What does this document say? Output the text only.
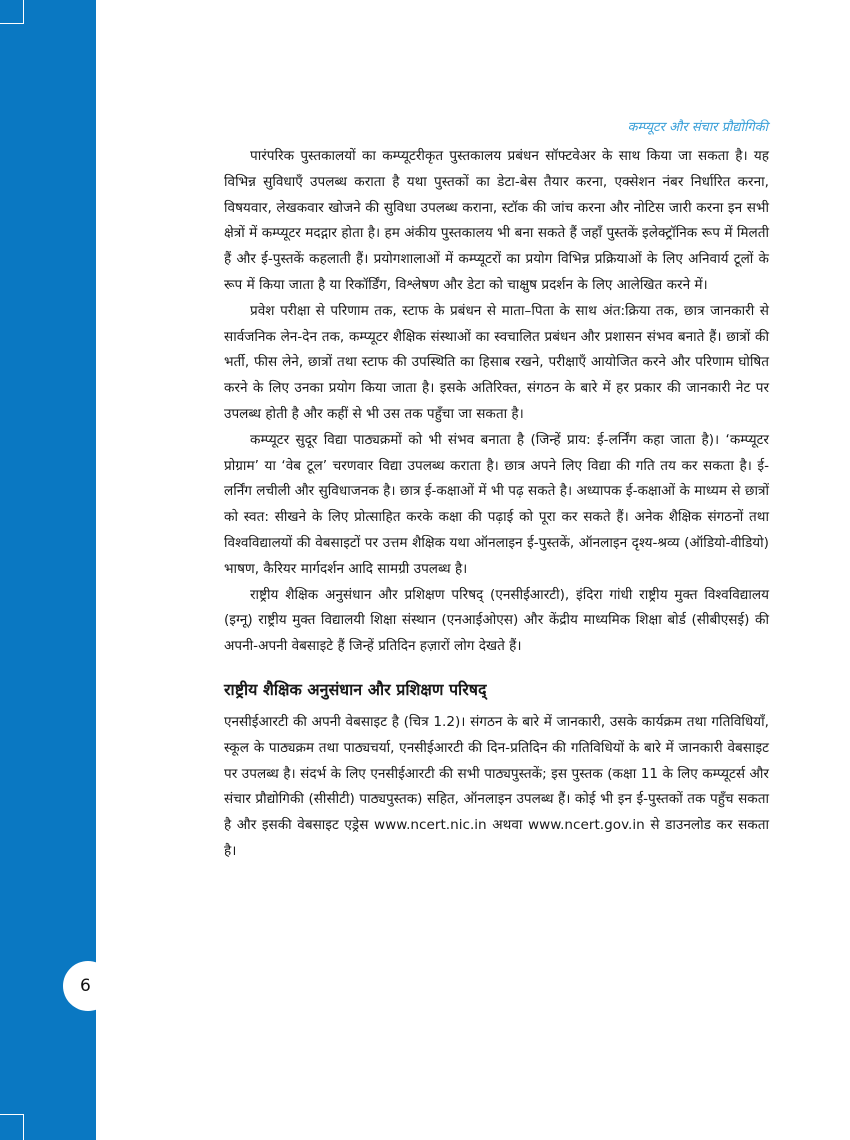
6
कम्प्यूटर और संचार प्रौद्योगिकी

पारंपरिक पुस्तकालयों का कम्प्यूटरीकृत पुस्तकालय प्रबंधन सॉफ्टवेअर के साथ किया जा सकता है। यह विभिन्न सुविधाएँ उपलब्ध कराता है यथा पुस्तकों का डेटा-बेस तैयार करना, एक्सेशन नंबर निर्धारित करना, विषयवार, लेखकवार खोजने की सुविधा उपलब्ध कराना, स्टॉक की जांच करना और नोटिस जारी करना इन सभी क्षेत्रों में कम्प्यूटर मदद्गार होता है। हम अंकीय पुस्तकालय भी बना सकते हैं जहाँ पुस्तकें इलेक्ट्रॉनिक रूप में मिलती हैं और ई-पुस्तकें कहलाती हैं। प्रयोगशालाओं में कम्प्यूटरों का प्रयोग विभिन्न प्रक्रियाओं के लिए अनिवार्य टूलों के रूप में किया जाता है या रिकॉर्डिंग, विश्लेषण और डेटा को चाक्षुष प्रदर्शन के लिए आलेखित करने में।

प्रवेश परीक्षा से परिणाम तक, स्टाफ के प्रबंधन से माता–पिता के साथ अंत:क्रिया तक, छात्र जानकारी से सार्वजनिक लेन-देन तक, कम्प्यूटर शैक्षिक संस्थाओं का स्वचालित प्रबंधन और प्रशासन संभव बनाते हैं। छात्रों की भर्ती, फीस लेने, छात्रों तथा स्टाफ की उपस्थिति का हिसाब रखने, परीक्षाएँ आयोजित करने और परिणाम घोषित करने के लिए उनका प्रयोग किया जाता है। इसके अतिरिक्त, संगठन के बारे में हर प्रकार की जानकारी नेट पर उपलब्ध होती है और कहीं से भी उस तक पहुँचा जा सकता है।

कम्प्यूटर सुदूर विद्या पाठ्यक्रमों को भी संभव बनाता है (जिन्हें प्राय: ई-लर्निंग कहा जाता है)। ‘कम्प्यूटर प्रोग्राम’ या ‘वेब टूल’ चरणवार विद्या उपलब्ध कराता है। छात्र अपने लिए विद्या की गति तय कर सकता है। ई-लर्निंग लचीली और सुविधाजनक है। छात्र ई-कक्षाओं में भी पढ़ सकते है। अध्यापक ई-कक्षाओं के माध्यम से छात्रों को स्वत: सीखने के लिए प्रोत्साहित करके कक्षा की पढ़ाई को पूरा कर सकते हैं। अनेक शैक्षिक संगठनों तथा विश्वविद्यालयों की वेबसाइटों पर उत्तम शैक्षिक यथा ऑनलाइन ई-पुस्तकें, ऑनलाइन दृश्य-श्रव्य (ऑडियो-वीडियो) भाषण, कैरियर मार्गदर्शन आदि सामग्री उपलब्ध है।

राष्ट्रीय शैक्षिक अनुसंधान और प्रशिक्षण परिषद् (एनसीईआरटी), इंदिरा गांधी राष्ट्रीय मुक्त विश्वविद्यालय (इग्नू) राष्ट्रीय मुक्त विद्यालयी शिक्षा संस्थान (एनआईओएस) और केंद्रीय माध्यमिक शिक्षा बोर्ड (सीबीएसई) की अपनी-अपनी वेबसाइटे हैं जिन्हें प्रतिदिन हज़ारों लोग देखते हैं।

राष्ट्रीय शैक्षिक अनुसंधान और प्रशिक्षण परिषद्

एनसीईआरटी की अपनी वेबसाइट है (चित्र 1.2)। संगठन के बारे में जानकारी, उसके कार्यक्रम तथा गतिविधियाँ, स्कूल के पाठ्यक्रम तथा पाठ्यचर्या, एनसीईआरटी की दिन-प्रतिदिन की गतिविधियों के बारे में जानकारी वेबसाइट पर उपलब्ध है। संदर्भ के लिए एनसीईआरटी की सभी पाठ्यपुस्तकें; इस पुस्तक (कक्षा 11 के लिए कम्प्यूटर्स और संचार प्रौद्योगिकी (सीसीटी) पाठ्यपुस्तक) सहित, ऑनलाइन उपलब्ध हैं। कोई भी इन ई-पुस्तकों तक पहुँच सकता है और इसकी वेबसाइट एड्रेस www.ncert.nic.in अथवा www.ncert.gov.in से डाउनलोड कर सकता है।
